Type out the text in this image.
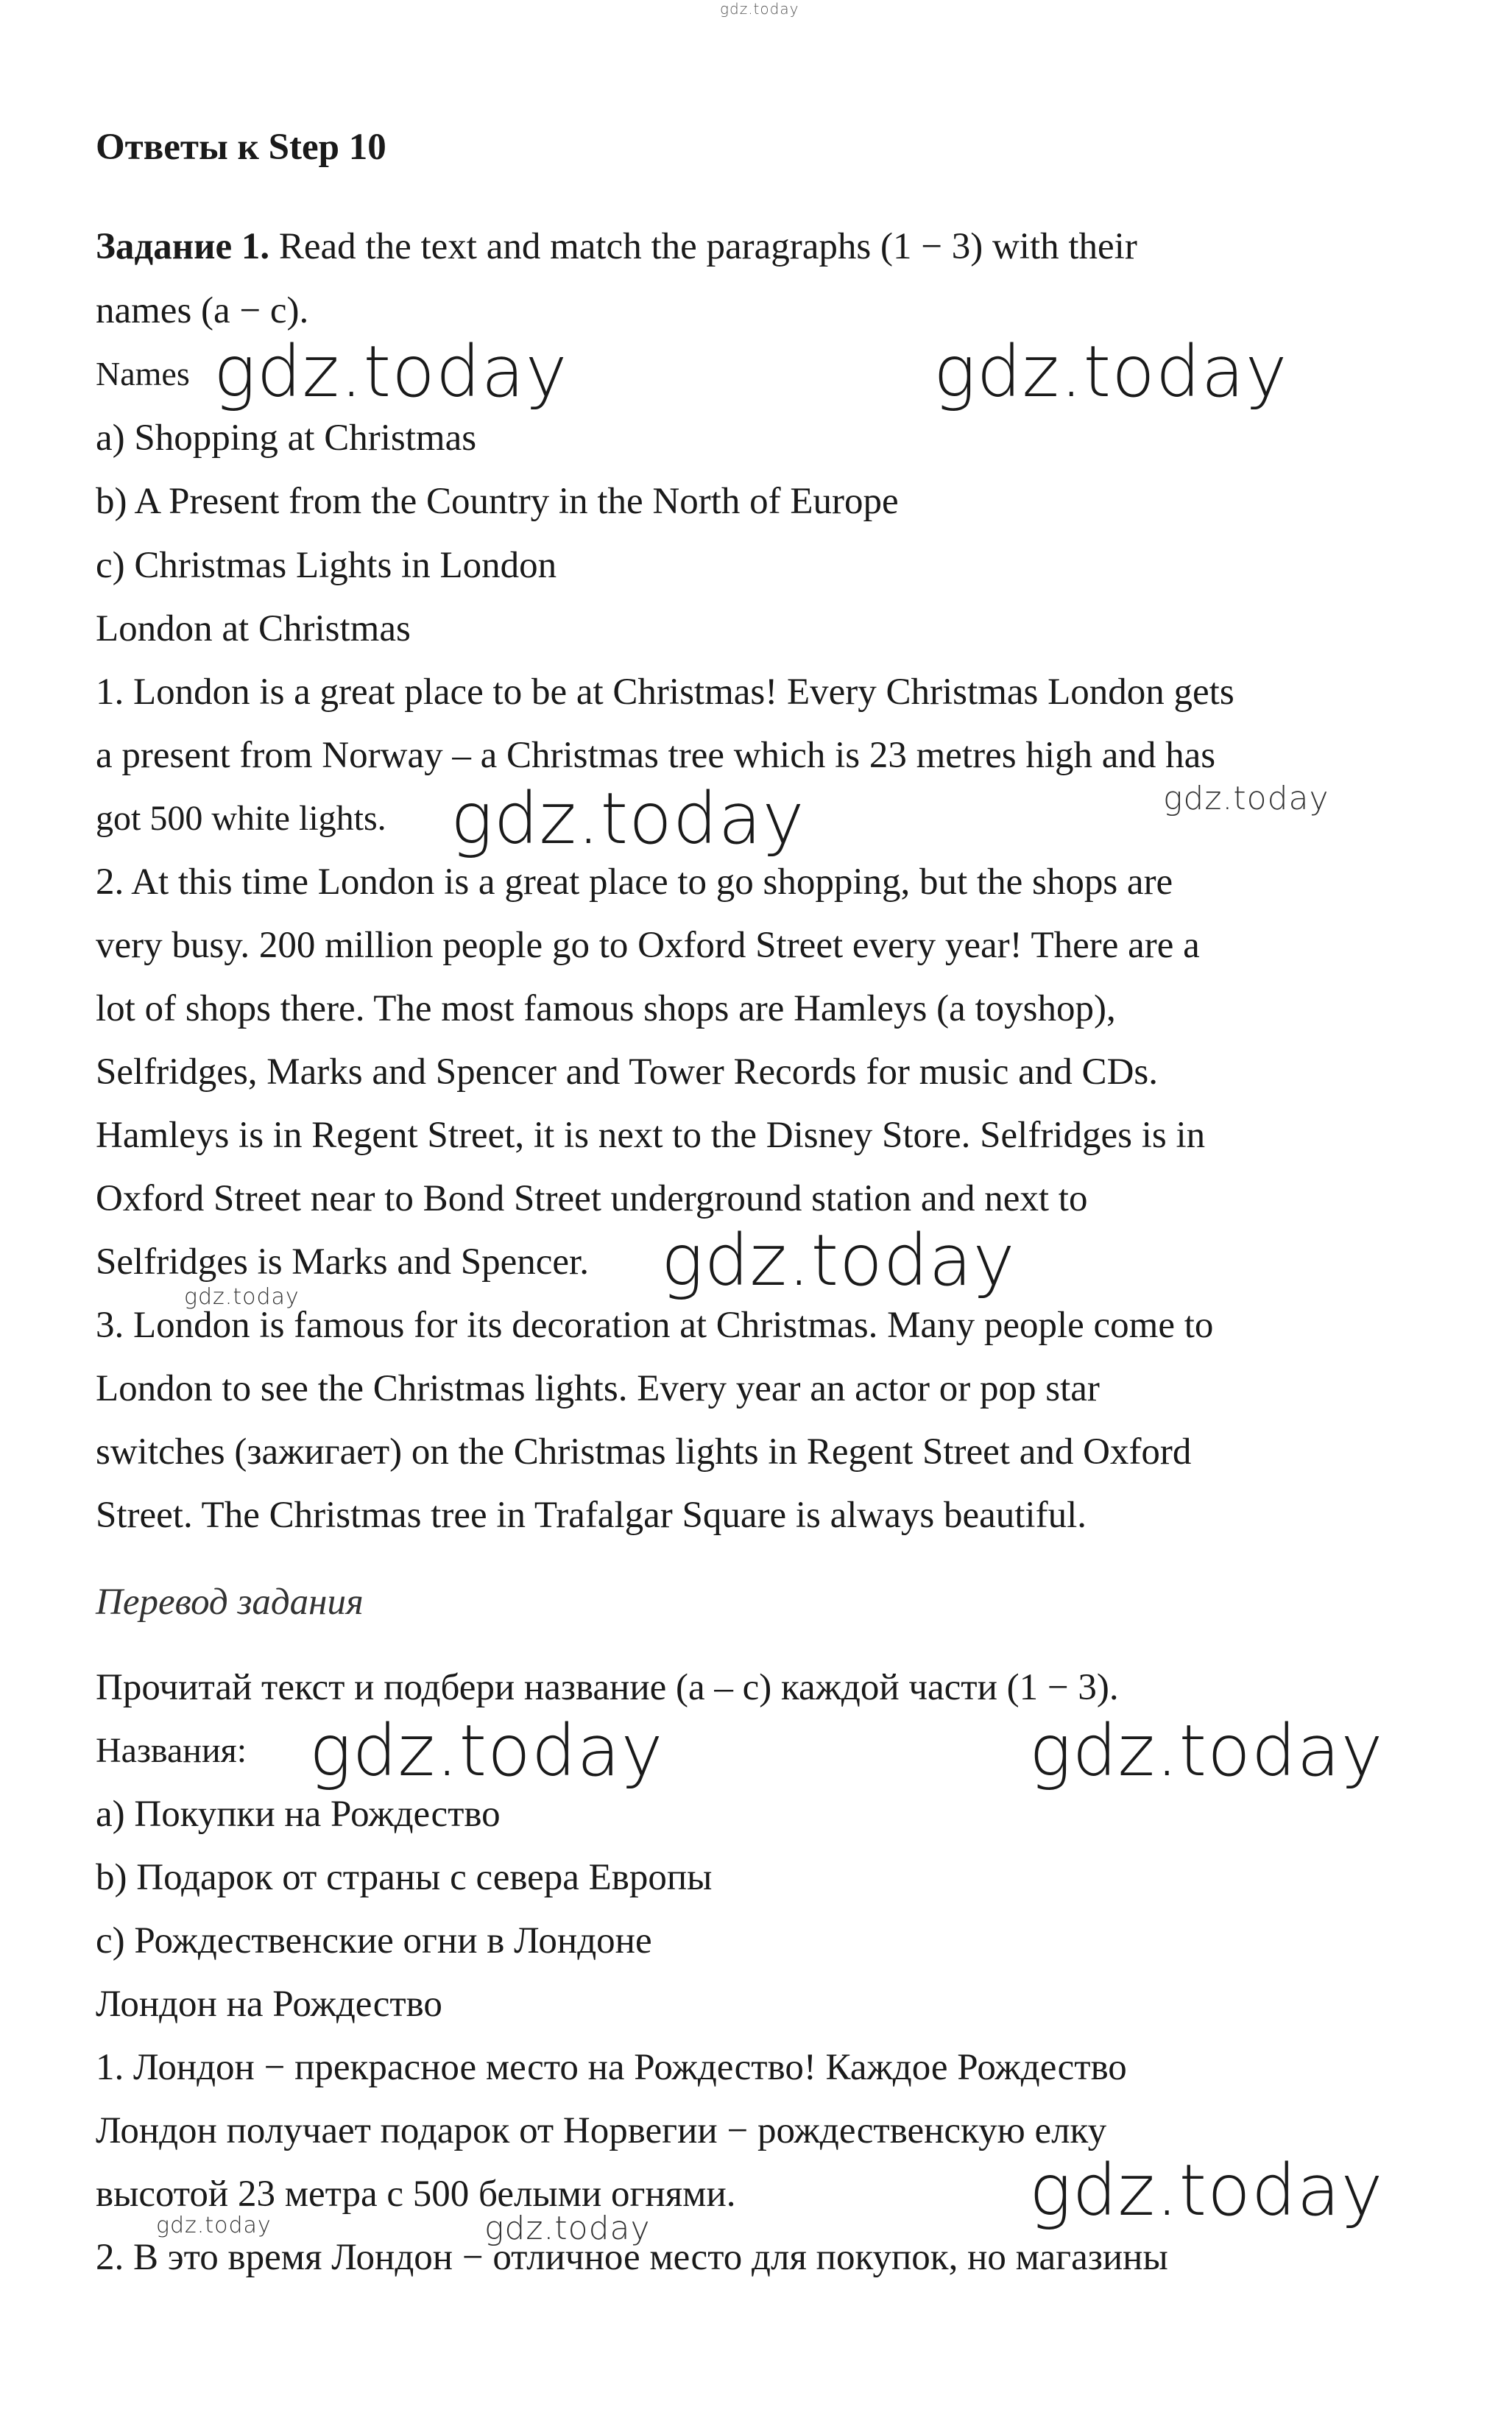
gdz.today
Ответы к Step 10
Задание 1. Read the text and match the paragraphs (1 − 3) with their
names (a − c).
Names gdz.today	gdz.today
a) Shopping at Christmas
b) A Present from the Country in the North of Europe
c) Christmas Lights in London
London at Christmas
1. London is a great place to be at Christmas! Every Christmas London gets
a present from Norway – a Christmas tree which is 23 metres high and has
got 500 white lights. gdz.today	gdz.today
2. At this time London is a great place to go shopping, but the shops are
very busy. 200 million people go to Oxford Street every year! There are a
lot of shops there. The most famous shops are Hamleys (a toyshop),
Selfridges, Marks and Spencer and Tower Records for music and CDs.
Hamleys is in Regent Street, it is next to the Disney Store. Selfridges is in
Oxford Street near to Bond Street underground station and next to
Selfridges is Marks and Spencer. gdz.today
gdz.today
3. London is famous for its decoration at Christmas. Many people come to
London to see the Christmas lights. Every year an actor or pop star
switches (зажигает) on the Christmas lights in Regent Street and Oxford
Street. The Christmas tree in Trafalgar Square is always beautiful.
Перевод задания
Прочитай текст и подбери название (a – c) каждой части (1 − 3).
Названия: gdz.today	gdz.today
a) Покупки на Рождество
b) Подарок от страны с севера Европы
c) Рождественские огни в Лондоне
Лондон на Рождество
1. Лондон − прекрасное место на Рождество! Каждое Рождество
Лондон получает подарок от Норвегии − рождественскую елку
высотой 23 метра с 500 белыми огнями.	gdz.today
gdz.today	gdz.today
2. В это время Лондон − отличное место для покупок, но магазины
